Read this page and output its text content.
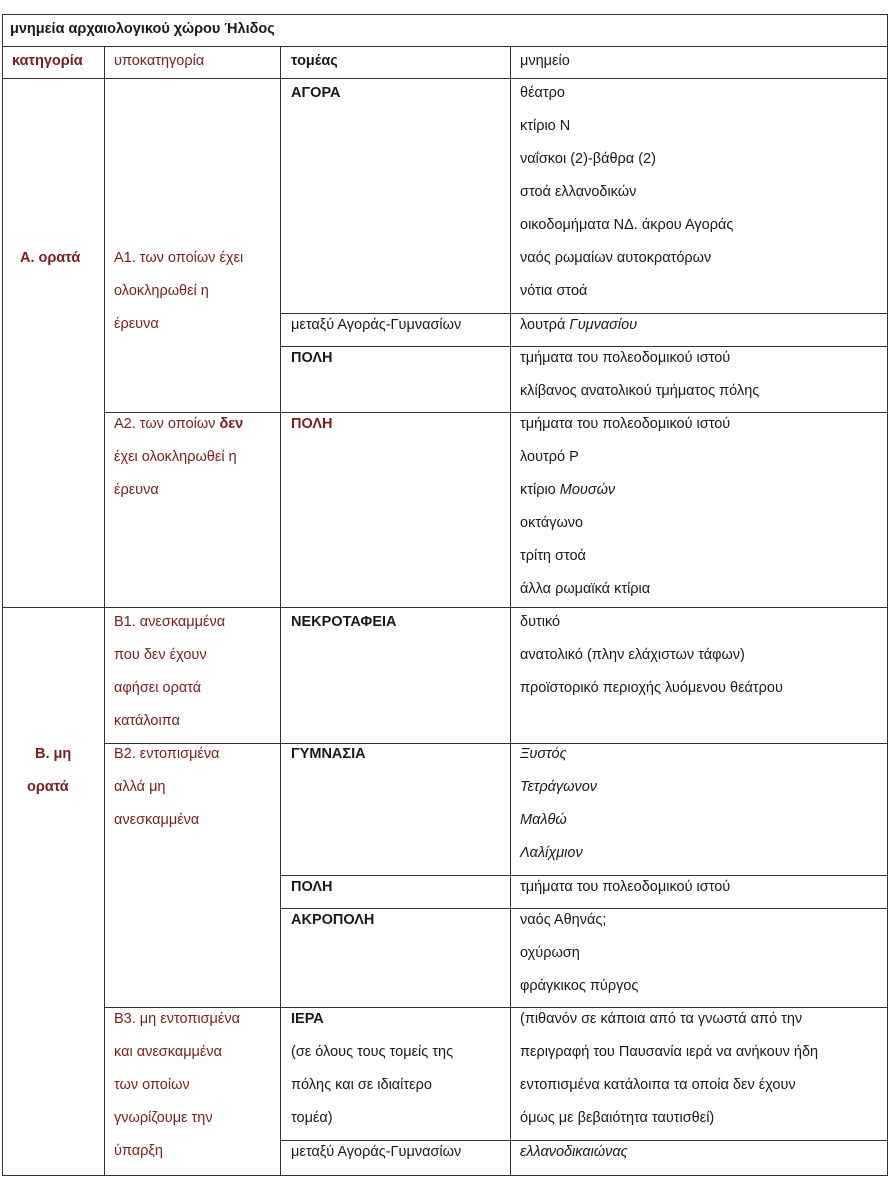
μνημεία αρχαιολογικού χώρου Ήλιδος
κατηγορία υποκατηγορία	τομέας	μνημείο
Α. ορατά
Β. μη
ορατά
Α1. των οποίων έχει
ολοκληρωθεί η
έρευνα
Α2. των οποίων δεν
έχει ολοκληρωθεί η
έρευνα
Β1. ανεσκαμμένα
που δεν έχουν
αφήσει ορατά
κατάλοιπα
Β2. εντοπισμένα
αλλά μη
ανεσκαμμένα
Β3. μη εντοπισμένα
και ανεσκαμμένα
των οποίων
γνωρίζουμε την
ύπαρξη
ΑΓΟΡΑ
μεταξύ Αγοράς-Γυμνασίων
ΠΟΛΗ
ΠΟΛΗ
ΝΕΚΡΟΤΑΦΕΙΑ
ΓΥΜΝΑΣΙΑ
ΠΟΛΗ
ΑΚΡΟΠΟΛΗ
ΙΕΡΑ
(σε όλους τους τομείς της
πόλης και σε ιδιαίτερο
τομέα)
μεταξύ Αγοράς-Γυμνασίων
θέατρο
κτίριο Ν
ναΐσκοι (2)-βάθρα (2)
στοά ελλανοδικών
οικοδομήματα ΝΔ. άκρου Αγοράς
ναός ρωμαίων αυτοκρατόρων
νότια στοά
λουτρά Γυμνασίου
τμήματα του πολεοδομικού ιστού
κλίβανος ανατολικού τμήματος πόλης
τμήματα του πολεοδομικού ιστού
λουτρό Ρ
κτίριο Μουσών
οκτάγωνο
τρίτη στοά
άλλα ρωμαϊκά κτίρια
δυτικό
ανατολικό (πλην ελάχιστων τάφων)
προϊστορικό περιοχής λυόμενου θεάτρου
Ξυστός
Τετράγωνον
Μαλθώ
Λαλίχμιον
τμήματα του πολεοδομικού ιστού
ναός Αθηνάς;
οχύρωση
φράγκικος πύργος
(πιθανόν σε κάποια από τα γνωστά από την
περιγραφή του Παυσανία ιερά να ανήκουν ήδη
εντοπισμένα κατάλοιπα τα οποία δεν έχουν
όμως με βεβαιότητα ταυτισθεί)
ελλανοδικαιώνας
